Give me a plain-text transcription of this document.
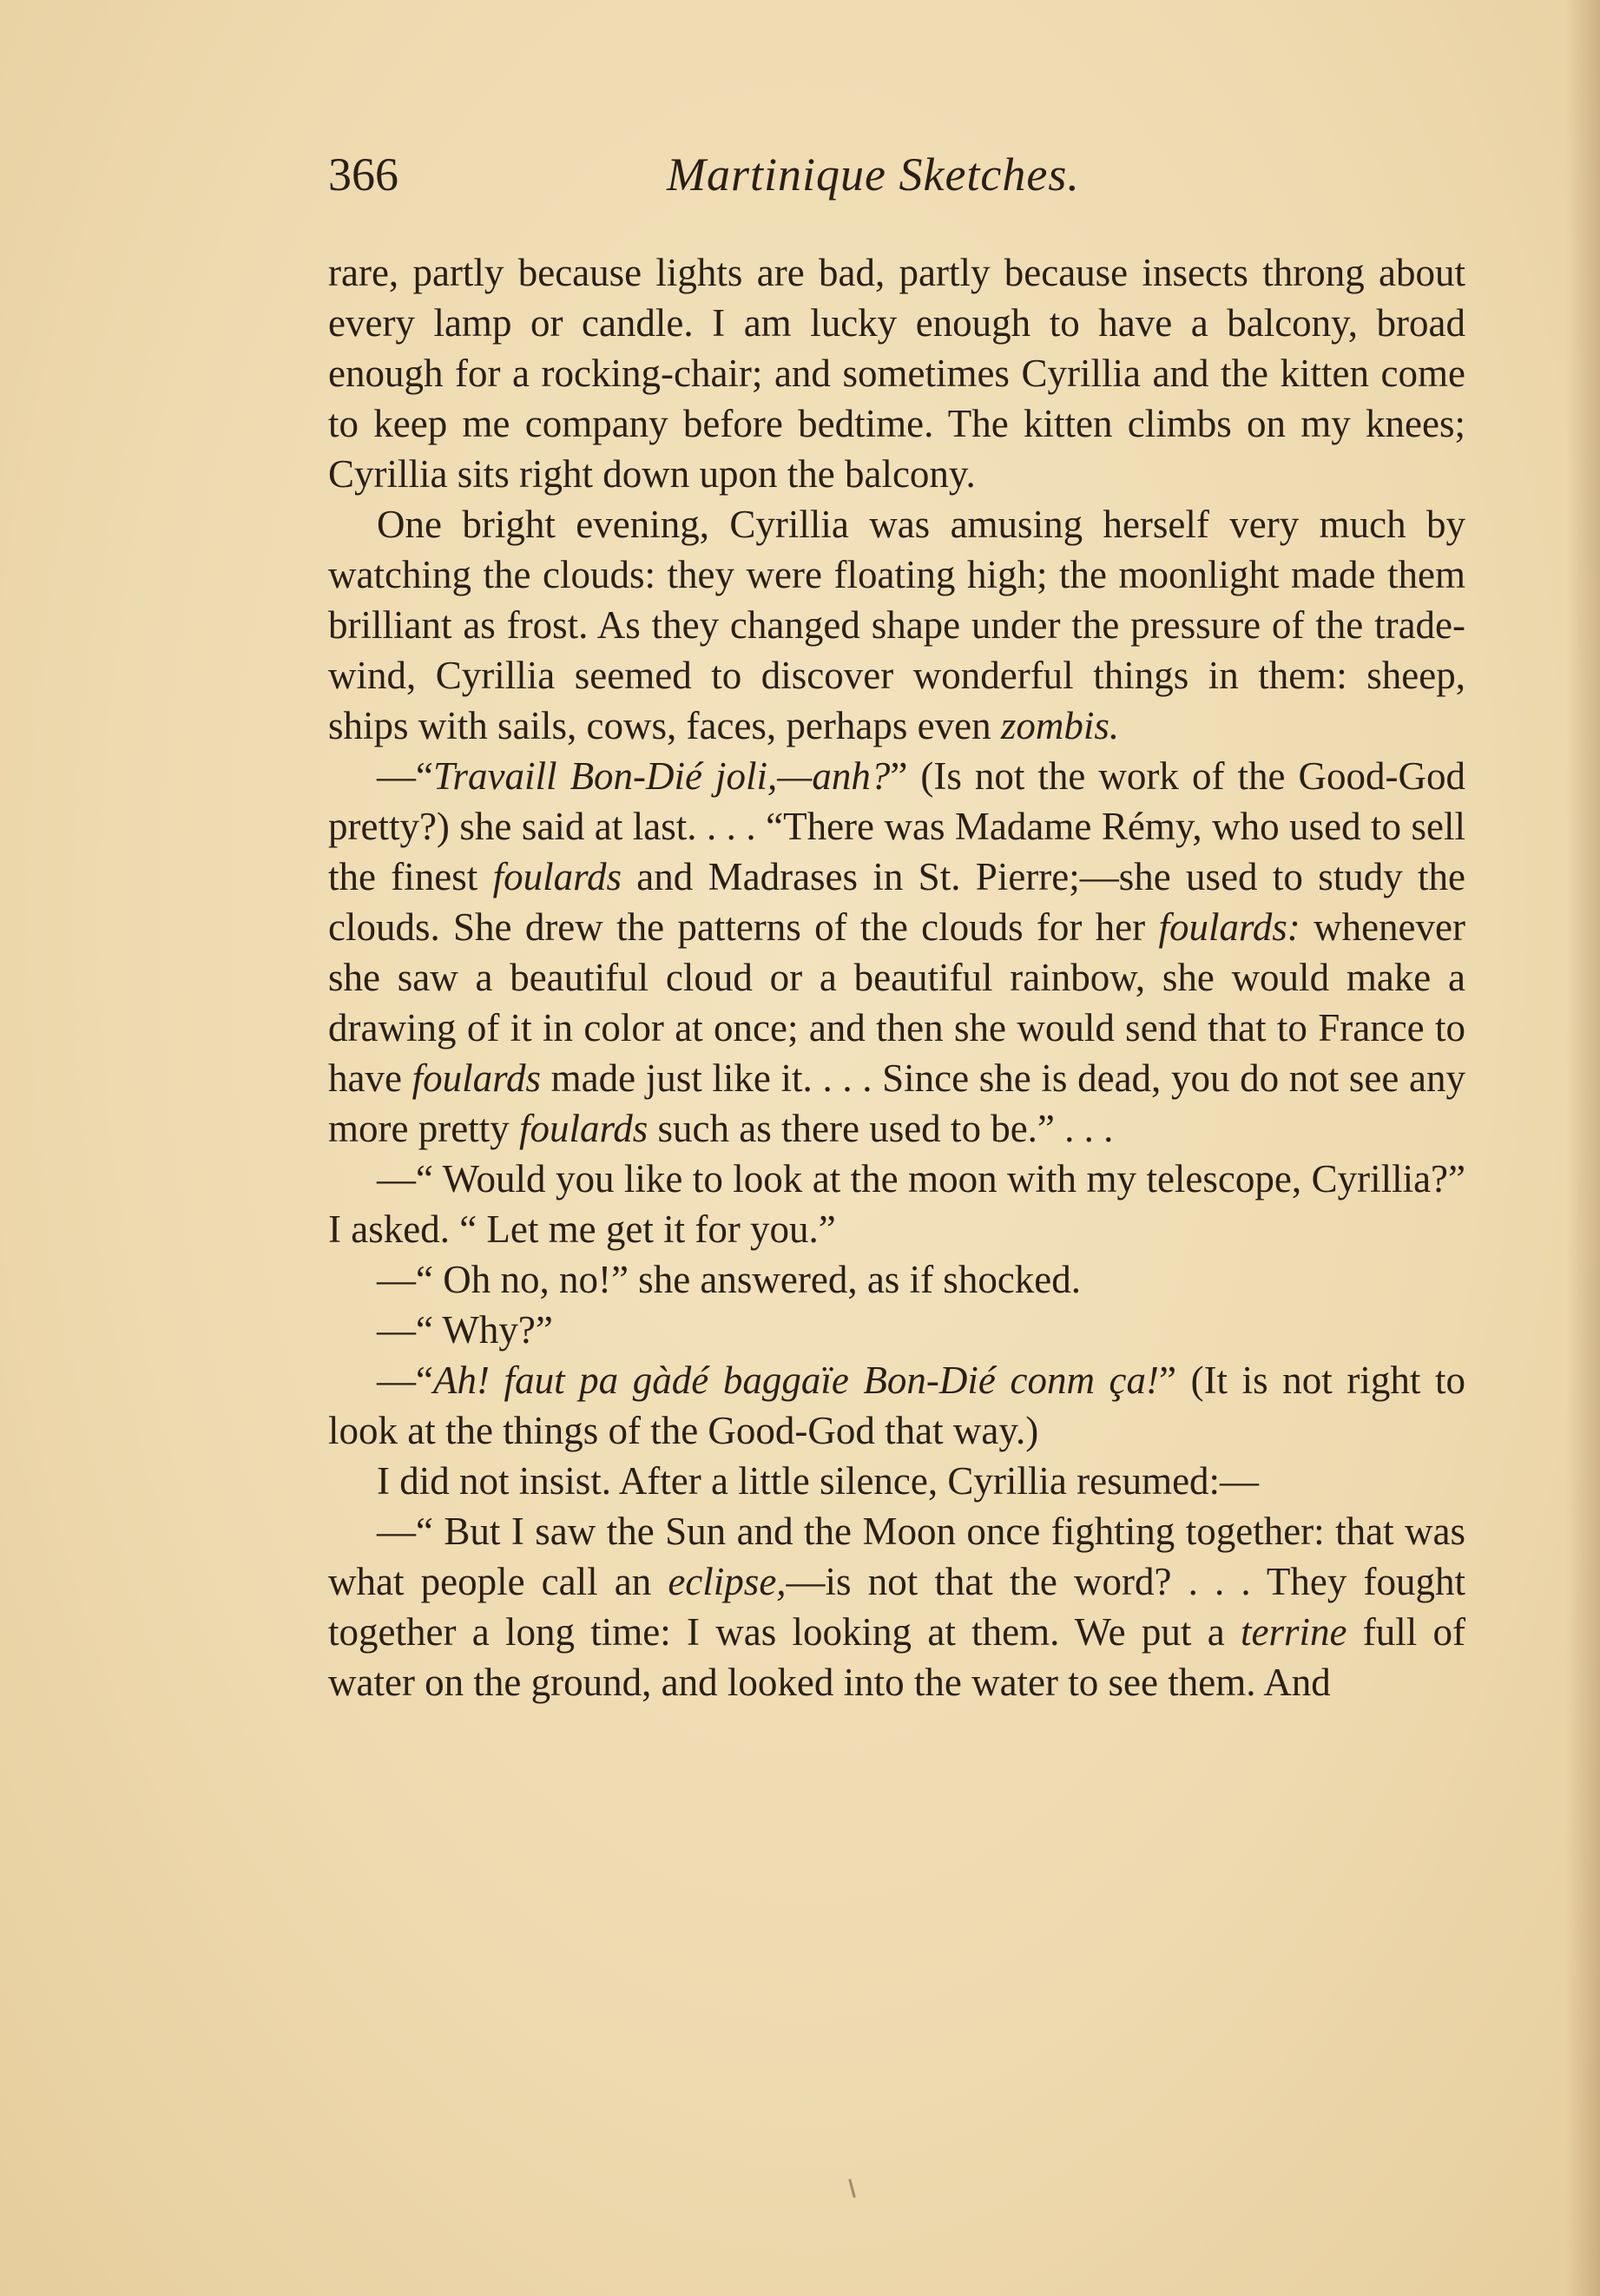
366	Martinique Sketches.

rare, partly because lights are bad, partly because insects throng about every lamp or candle. I am lucky enough to have a balcony, broad enough for a rocking-chair; and sometimes Cyrillia and the kitten come to keep me company before bedtime. The kitten climbs on my knees; Cyrillia sits right down upon the balcony.

One bright evening, Cyrillia was amusing herself very much by watching the clouds: they were floating high; the moonlight made them brilliant as frost. As they changed shape under the pressure of the trade-wind, Cyrillia seemed to discover wonderful things in them: sheep, ships with sails, cows, faces, perhaps even zombis.

—“Travaill Bon-Dié joli,—anh?” (Is not the work of the Good-God pretty?) she said at last. . . . “There was Madame Rémy, who used to sell the finest foulards and Madrases in St. Pierre;—she used to study the clouds. She drew the patterns of the clouds for her foulards: whenever she saw a beautiful cloud or a beautiful rainbow, she would make a drawing of it in color at once; and then she would send that to France to have foulards made just like it. . . . Since she is dead, you do not see any more pretty foulards such as there used to be.” . . .

—“ Would you like to look at the moon with my telescope, Cyrillia?” I asked. “ Let me get it for you.”

—“ Oh no, no!” she answered, as if shocked.

—“ Why?”

—“Ah! faut pa gàdé baggaïe Bon-Dié conm ça!” (It is not right to look at the things of the Good-God that way.)

I did not insist. After a little silence, Cyrillia resumed:—

—“ But I saw the Sun and the Moon once fighting together: that was what people call an eclipse,—is not that the word? . . . They fought together a long time: I was looking at them. We put a terrine full of water on the ground, and looked into the water to see them. And
